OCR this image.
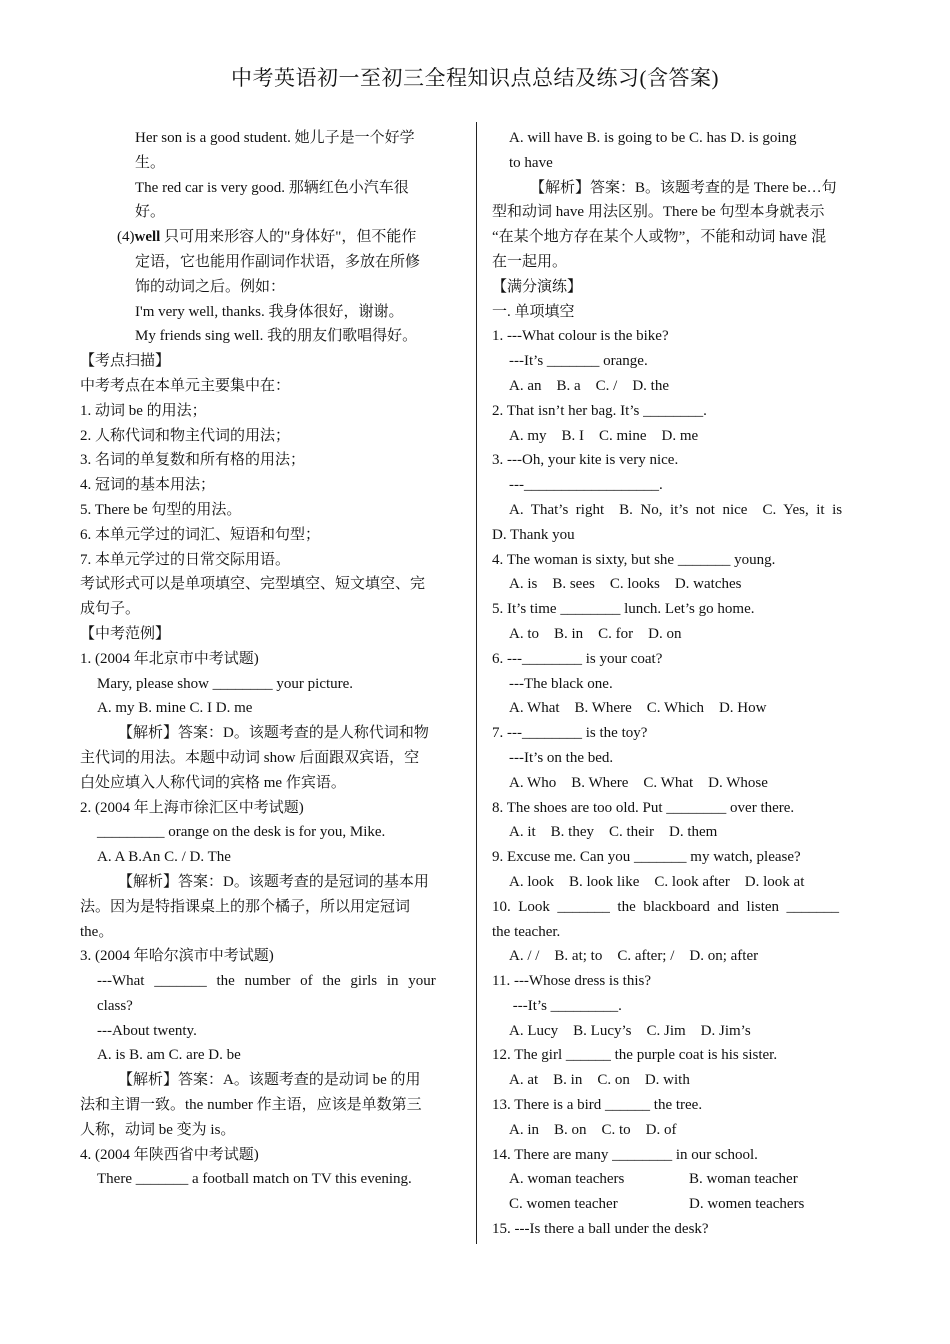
中考英语初一至初三全程知识点总结及练习(含答案)

Her son is a good student. 她儿子是一个好学

生。

The red car is very good. 那辆红色小汽车很

好。

(4)well 只可用来形容人的"身体好"，但不能作
定语，它也能用作副词作状语，多放在所修
饰的动词之后。例如：

I'm very well, thanks. 我身体很好，谢谢。

My friends sing well. 我的朋友们歌唱得好。

【考点扫描】

中考考点在本单元主要集中在：

1. 动词 be 的用法；

2. 人称代词和物主代词的用法；

3. 名词的单复数和所有格的用法；

4. 冠词的基本用法；

5. There be 句型的用法。

6. 本单元学过的词汇、短语和句型；

7. 本单元学过的日常交际用语。

考试形式可以是单项填空、完型填空、短文填空、完

成句子。

【中考范例】

1. (2004 年北京市中考试题)

Mary, please show ________ your picture.

A. my B. mine C. I D. me

【解析】答案：D。该题考查的是人称代词和物

主代词的用法。本题中动词 show 后面跟双宾语，空

白处应填入人称代词的宾格 me 作宾语。

2. (2004 年上海市徐汇区中考试题)

_________ orange on the desk is for you, Mike.

A. A B.An C. / D. The

【解析】答案：D。该题考查的是冠词的基本用

法。因为是特指课桌上的那个橘子，所以用定冠词

the。

3. (2004 年哈尔滨市中考试题)

---What _______ the number of the girls in your

class?

---About twenty.

A. is B. am C. are D. be

【解析】答案：A。该题考查的是动词 be 的用

法和主谓一致。the number 作主语，应该是单数第三

人称，动词 be 变为 is。

4. (2004 年陕西省中考试题)

There _______ a football match on TV this evening.

A. will have B. is going to be C. has D. is going

to have

【解析】答案：B。该题考查的是 There be…句

型和动词 have 用法区别。There be 句型本身就表示

“在某个地方存在某个人或物”，不能和动词 have 混

在一起用。

【满分演练】

一. 单项填空

1. ---What colour is the bike?

---It’s _______ orange.

A. an    B. a    C. /    D. the

2. That isn’t her bag. It’s ________.

A. my    B. I    C. mine    D. me

3. ---Oh, your kite is very nice.

---__________________.

A.  That’s  right    B.  No,  it’s  not  nice    C.  Yes,  it  is

D. Thank you

4. The woman is sixty, but she _______ young.

A. is    B. sees    C. looks    D. watches

5. It’s time ________ lunch. Let’s go home.

A. to    B. in    C. for    D. on

6. ---________ is your coat?

---The black one.

A. What    B. Where    C. Which    D. How

7. ---________ is the toy?

---It’s on the bed.

A. Who    B. Where    C. What    D. Whose

8. The shoes are too old. Put ________ over there.

A. it    B. they    C. their    D. them

9. Excuse me. Can you _______ my watch, please?

A. look    B. look like    C. look after    D. look at

10.  Look  _______  the  blackboard  and  listen  _______

the teacher.

A. / /    B. at; to    C. after; /    D. on; after

11. ---Whose dress is this?

---It’s _________.

A. Lucy    B. Lucy’s    C. Jim    D. Jim’s

12. The girl ______ the purple coat is his sister.

A. at    B. in    C. on    D. with

13. There is a bird ______ the tree.

A. in    B. on    C. to    D. of

14. There are many ________ in our school.

A. woman teachers	B. woman teacher
C. women teacher	D. women teachers

15. ---Is there a ball under the desk?
